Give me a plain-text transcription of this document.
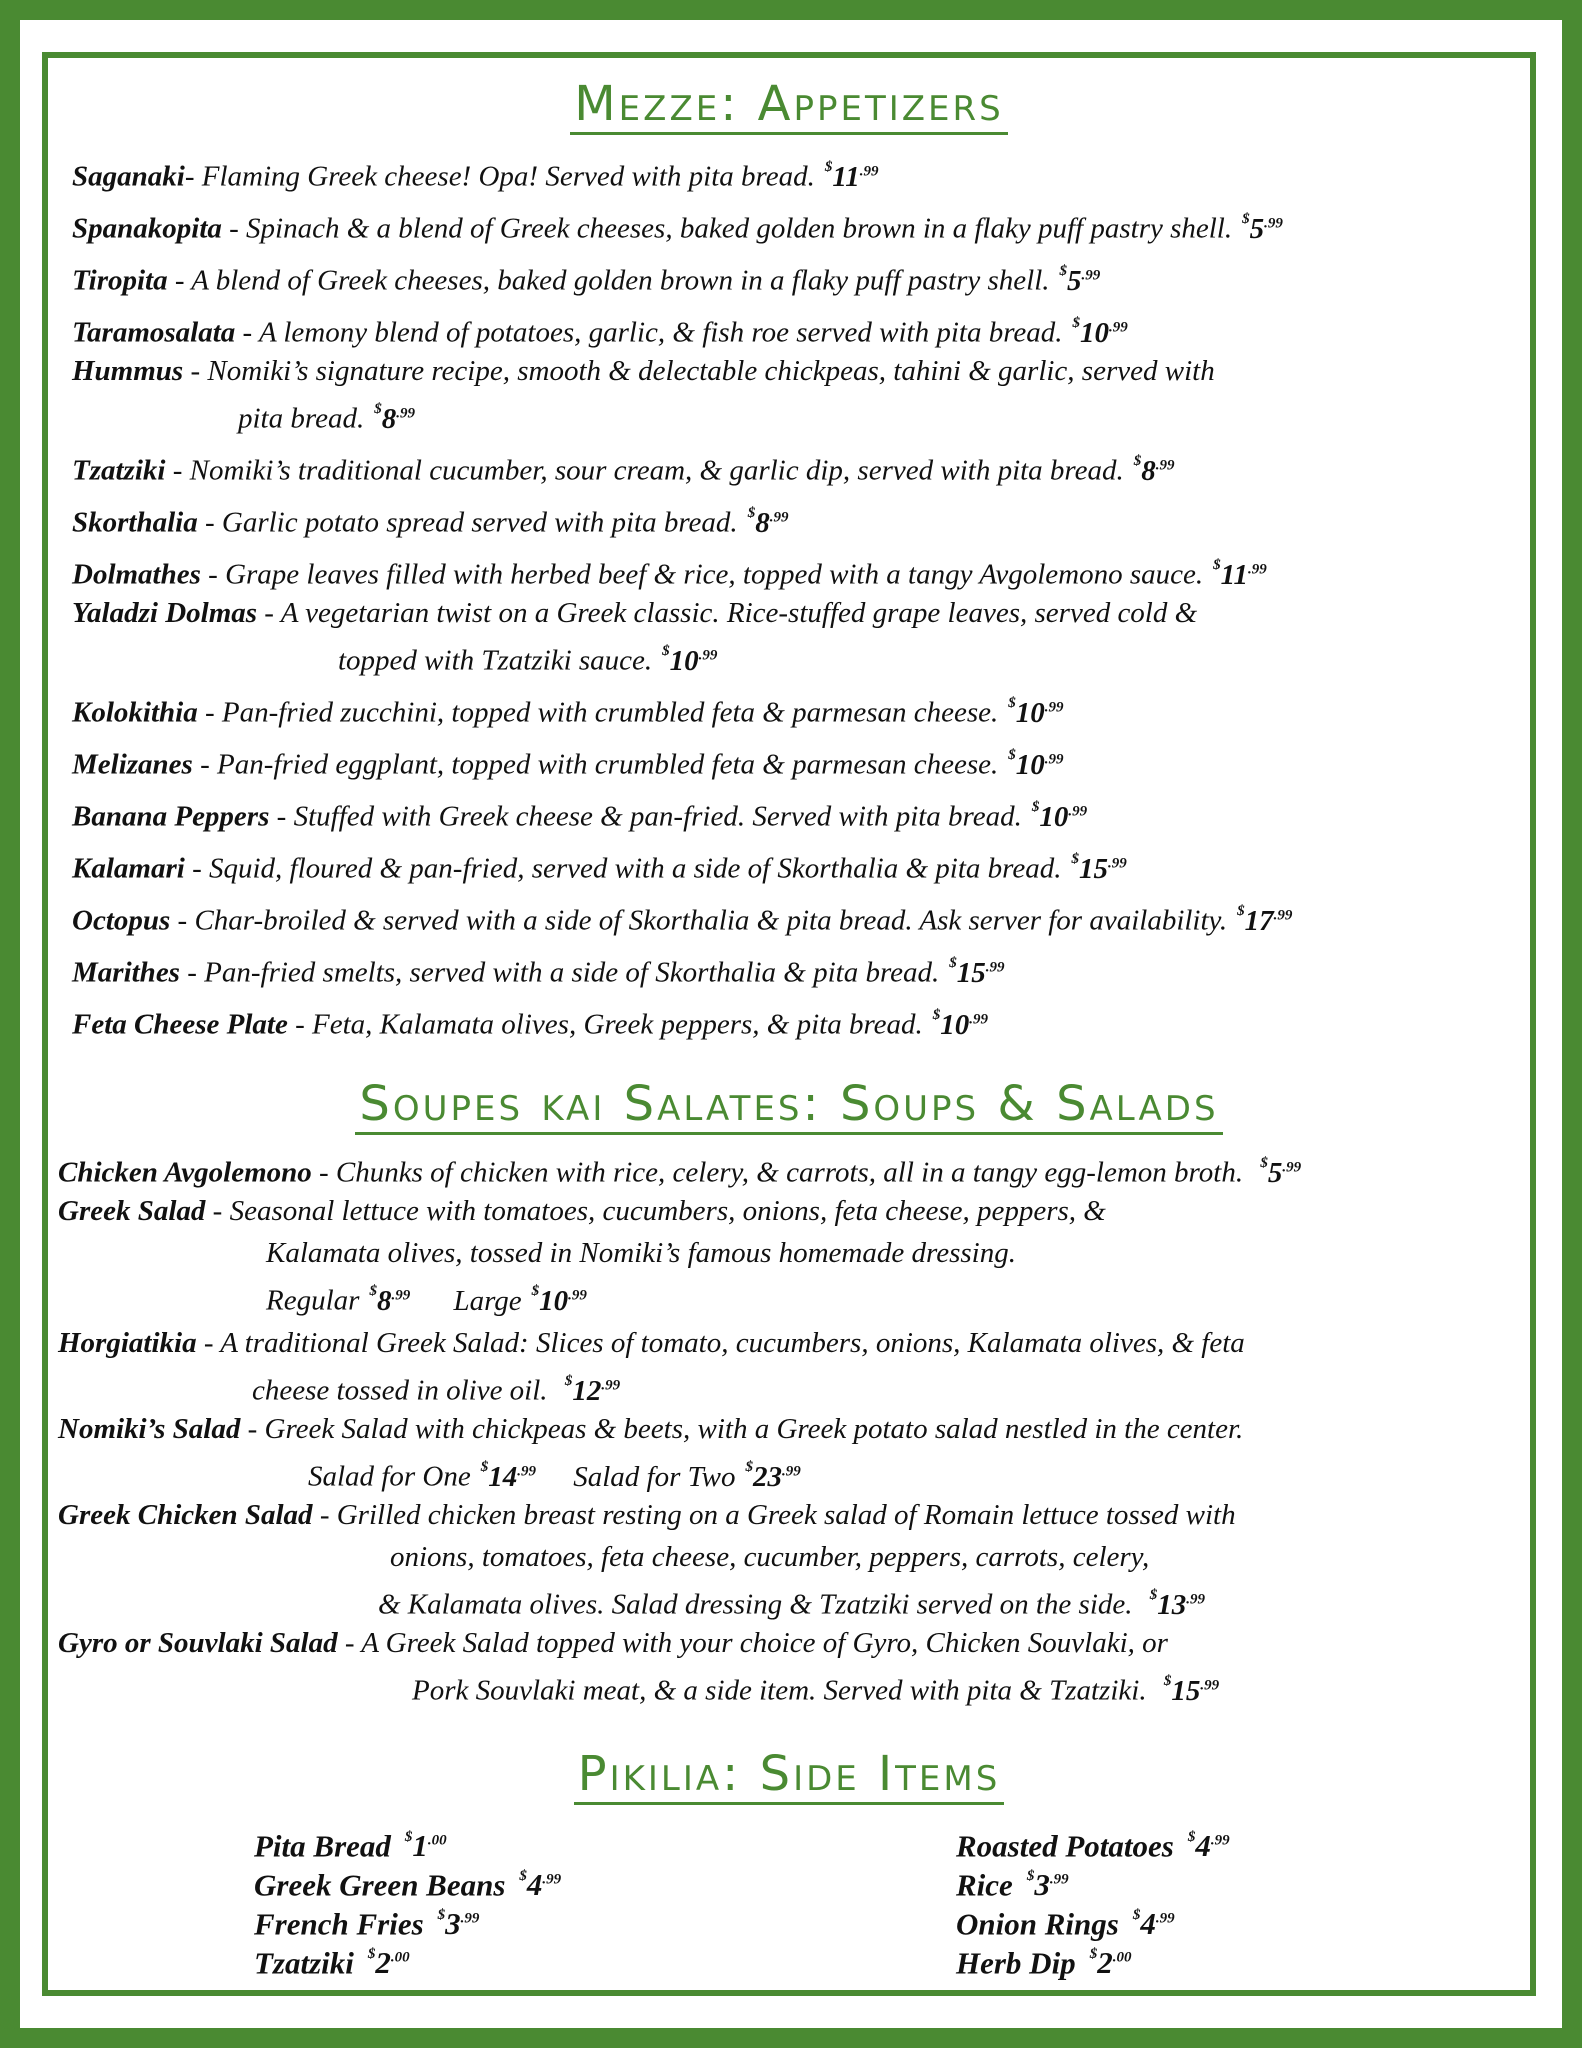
Mezze: Appetizers
Saganaki- Flaming Greek cheese! Opa! Served with pita bread. $^{\$}11^{.99}$
Spanakopita - Spinach & a blend of Greek cheeses, baked golden brown in a flaky puff pastry shell. $^{\$}5^{.99}$
Tiropita - A blend of Greek cheeses, baked golden brown in a flaky puff pastry shell. $^{\$}5^{.99}$
Taramosalata - A lemony blend of potatoes, garlic, & fish roe served with pita bread. $^{\$}10^{.99}$
Hummus - Nomiki’s signature recipe, smooth & delectable chickpeas, tahini & garlic, served with
pita bread. $^{\$}8^{.99}$
Tzatziki - Nomiki’s traditional cucumber, sour cream, & garlic dip, served with pita bread. $^{\$}8^{.99}$
Skorthalia - Garlic potato spread served with pita bread. $^{\$}8^{.99}$
Dolmathes - Grape leaves filled with herbed beef & rice, topped with a tangy Avgolemono sauce. $^{\$}11^{.99}$
Yaladzi Dolmas - A vegetarian twist on a Greek classic. Rice-stuffed grape leaves, served cold &
topped with Tzatziki sauce. $^{\$}10^{.99}$
Kolokithia - Pan-fried zucchini, topped with crumbled feta & parmesan cheese. $^{\$}10^{.99}$
Melizanes - Pan-fried eggplant, topped with crumbled feta & parmesan cheese. $^{\$}10^{.99}$
Banana Peppers - Stuffed with Greek cheese & pan-fried. Served with pita bread. $^{\$}10^{.99}$
Kalamari - Squid, floured & pan-fried, served with a side of Skorthalia & pita bread. $^{\$}15^{.99}$
Octopus - Char-broiled & served with a side of Skorthalia & pita bread. Ask server for availability. $^{\$}17^{.99}$
Marithes - Pan-fried smelts, served with a side of Skorthalia & pita bread. $^{\$}15^{.99}$
Feta Cheese Plate - Feta, Kalamata olives, Greek peppers, & pita bread. $^{\$}10^{.99}$
Soupes kai Salates: Soups & Salads
Chicken Avgolemono - Chunks of chicken with rice, celery, & carrots, all in a tangy egg-lemon broth. $^{\$}5^{.99}$
Greek Salad - Seasonal lettuce with tomatoes, cucumbers, onions, feta cheese, peppers, &
Kalamata olives, tossed in Nomiki’s famous homemade dressing.
Regular $^{\$}8^{.99}$ Large $^{\$}10^{.99}$
Horgiatikia - A traditional Greek Salad: Slices of tomato, cucumbers, onions, Kalamata olives, & feta
cheese tossed in olive oil. $^{\$}12^{.99}$
Nomiki’s Salad - Greek Salad with chickpeas & beets, with a Greek potato salad nestled in the center.
Salad for One $^{\$}14^{.99}$ Salad for Two $^{\$}23^{.99}$
Greek Chicken Salad - Grilled chicken breast resting on a Greek salad of Romain lettuce tossed with
onions, tomatoes, feta cheese, cucumber, peppers, carrots, celery,
& Kalamata olives. Salad dressing & Tzatziki served on the side. $^{\$}13^{.99}$
Gyro or Souvlaki Salad - A Greek Salad topped with your choice of Gyro, Chicken Souvlaki, or
Pork Souvlaki meat, & a side item. Served with pita & Tzatziki. $^{\$}15^{.99}$
Pikilia: Side Items
Pita Bread $^{\$}1^{.00}$
Greek Green Beans $^{\$}4^{.99}$
French Fries $^{\$}3^{.99}$
Tzatziki $^{\$}2^{.00}$
Roasted Potatoes $^{\$}4^{.99}$
Rice $^{\$}3^{.99}$
Onion Rings $^{\$}4^{.99}$
Herb Dip $^{\$}2^{.00}$
